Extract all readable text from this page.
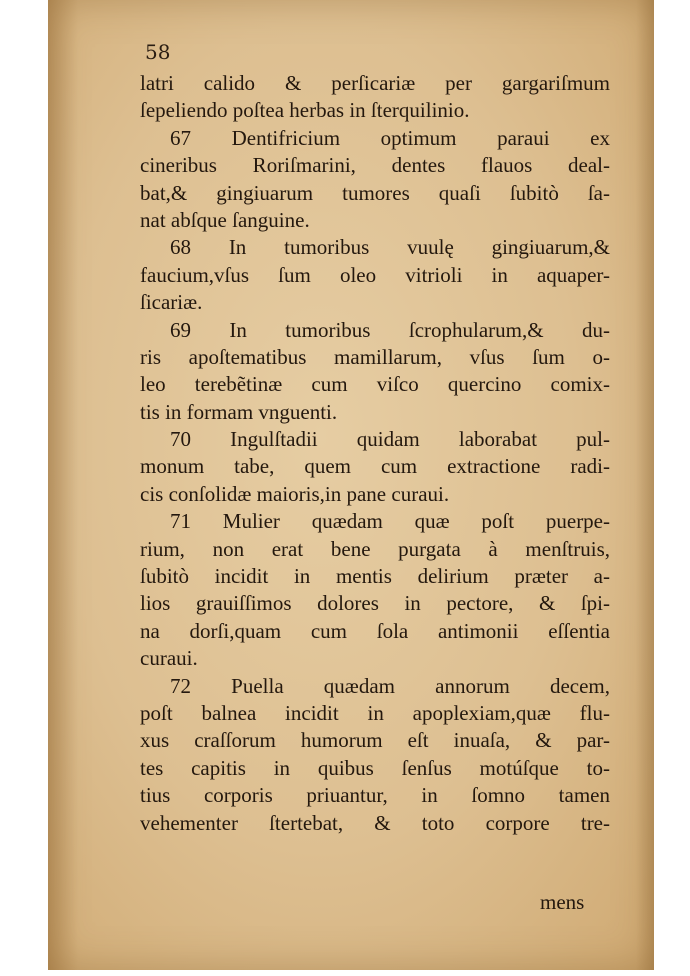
58
latri calido & perſicariæ per gargariſmum
ſepeliendo poſtea herbas in ſterquilinio.
67 Dentifricium optimum paraui ex
cineribus Roriſmarini, dentes flauos deal-
bat,& gingiuarum tumores quaſi ſubitò ſa-
nat abſque ſanguine.
68 In tumoribus vuulę gingiuarum,&
faucium,vſus ſum oleo vitrioli in aquaper-
ſicariæ.
69 In tumoribus ſcrophularum,& du-
ris apoſtematibus mamillarum, vſus ſum o-
leo terebẽtinæ cum viſco quercino comix-
tis in formam vnguenti.
70 Ingulſtadii quidam laborabat pul-
monum tabe, quem cum extractione radi-
cis conſolidæ maioris,in pane curaui.
71 Mulier quædam quæ poſt puerpe-
rium, non erat bene purgata à menſtruis,
ſubitò incidit in mentis delirium præter a-
lios grauiſſimos dolores in pectore, & ſpi-
na dorſi,quam cum ſola antimonii eſſentia
curaui.
72 Puella quædam annorum decem,
poſt balnea incidit in apoplexiam,quæ flu-
xus craſſorum humorum eſt inuaſa, & par-
tes capitis in quibus ſenſus motúſque to-
tius corporis priuantur, in ſomno tamen
vehementer ſtertebat, & toto corpore tre-
mens
